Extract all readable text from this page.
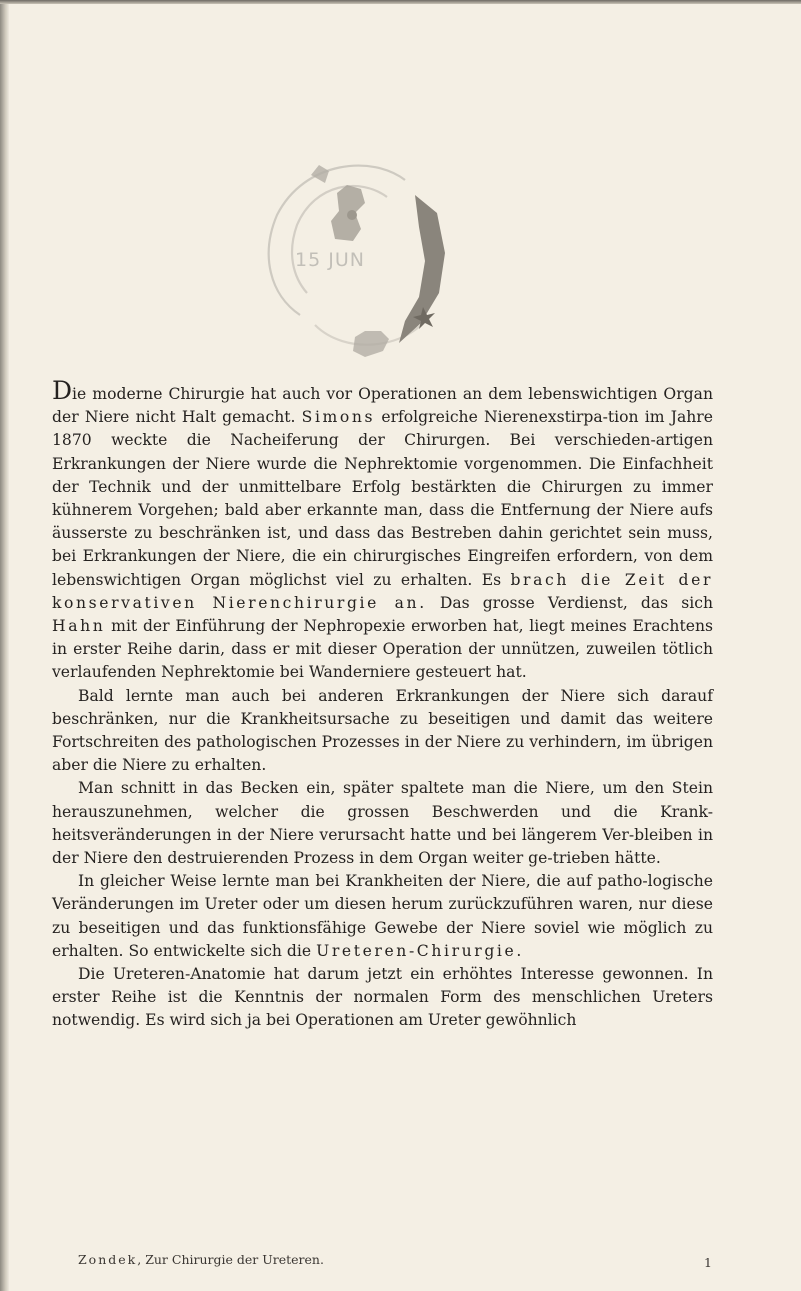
15 JUN

Die moderne Chirurgie hat auch vor Operationen an dem lebenswichtigen Organ der Niere nicht Halt gemacht. Simons erfolgreiche Nierenexstirpa-tion im Jahre 1870 weckte die Nacheiferung der Chirurgen. Bei verschieden-artigen Erkrankungen der Niere wurde die Nephrektomie vorgenommen. Die Einfachheit der Technik und der unmittelbare Erfolg bestärkten die Chirurgen zu immer kühnerem Vorgehen; bald aber erkannte man, dass die Entfernung der Niere aufs äusserste zu beschränken ist, und dass das Bestreben dahin gerichtet sein muss, bei Erkrankungen der Niere, die ein chirurgisches Eingreifen erfordern, von dem lebenswichtigen Organ möglichst viel zu erhalten. Es brach die Zeit der konservativen Nierenchirurgie an. Das grosse Verdienst, das sich Hahn mit der Einführung der Nephropexie erworben hat, liegt meines Erachtens in erster Reihe darin, dass er mit dieser Operation der unnützen, zuweilen tötlich verlaufenden Nephrektomie bei Wanderniere gesteuert hat.

Bald lernte man auch bei anderen Erkrankungen der Niere sich darauf beschränken, nur die Krankheitsursache zu beseitigen und damit das weitere Fortschreiten des pathologischen Prozesses in der Niere zu verhindern, im übrigen aber die Niere zu erhalten.

Man schnitt in das Becken ein, später spaltete man die Niere, um den Stein herauszunehmen, welcher die grossen Beschwerden und die Krank-heitsveränderungen in der Niere verursacht hatte und bei längerem Ver-bleiben in der Niere den destruierenden Prozess in dem Organ weiter ge-trieben hätte.

In gleicher Weise lernte man bei Krankheiten der Niere, die auf patho-logische Veränderungen im Ureter oder um diesen herum zurückzuführen waren, nur diese zu beseitigen und das funktionsfähige Gewebe der Niere soviel wie möglich zu erhalten. So entwickelte sich die Ureteren-Chirurgie.

Die Ureteren-Anatomie hat darum jetzt ein erhöhtes Interesse gewonnen. In erster Reihe ist die Kenntnis der normalen Form des menschlichen Ureters notwendig. Es wird sich ja bei Operationen am Ureter gewöhnlich

Zondek, Zur Chirurgie der Ureteren.	1
